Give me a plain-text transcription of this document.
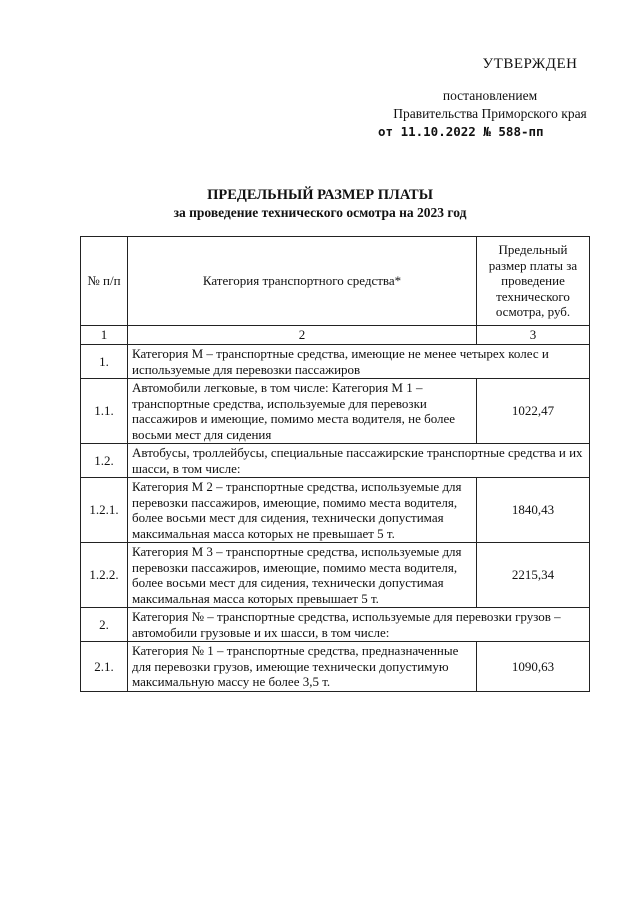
УТВЕРЖДЕН
постановлением
Правительства Приморского края
от 11.10.2022 № 588-пп
ПРЕДЕЛЬНЫЙ РАЗМЕР ПЛАТЫ
за проведение технического осмотра на 2023 год
№ п/п	Категория транспортного средства*	Предельный размер платы за проведение технического осмотра, руб.
1	2	3
1.	Категория M – транспортные средства, имеющие не менее четырех колес и используемые для перевозки пассажиров	
1.1.	Автомобили легковые, в том числе: Категория M 1 – транспортные средства, используемые для перевозки пассажиров и имеющие, помимо места водителя, не более восьми мест для сидения	1022,47
1.2.	Автобусы, троллейбусы, специальные пассажирские транспортные средства и их шасси, в том числе:	
1.2.1.	Категория M 2 – транспортные средства, используемые для перевозки пассажиров, имеющие, помимо места водителя, более восьми мест для сидения, технически допустимая максимальная масса которых не превышает 5 т.	1840,43
1.2.2.	Категория M 3 – транспортные средства, используемые для перевозки пассажиров, имеющие, помимо места водителя, более восьми мест для сидения, технически допустимая максимальная масса которых превышает 5 т.	2215,34
2.	Категория № – транспортные средства, используемые для перевозки грузов – автомобили грузовые и их шасси, в том числе:	
2.1.	Категория № 1 – транспортные средства, предназначенные для перевозки грузов, имеющие технически допустимую максимальную массу не более 3,5 т.	1090,63
